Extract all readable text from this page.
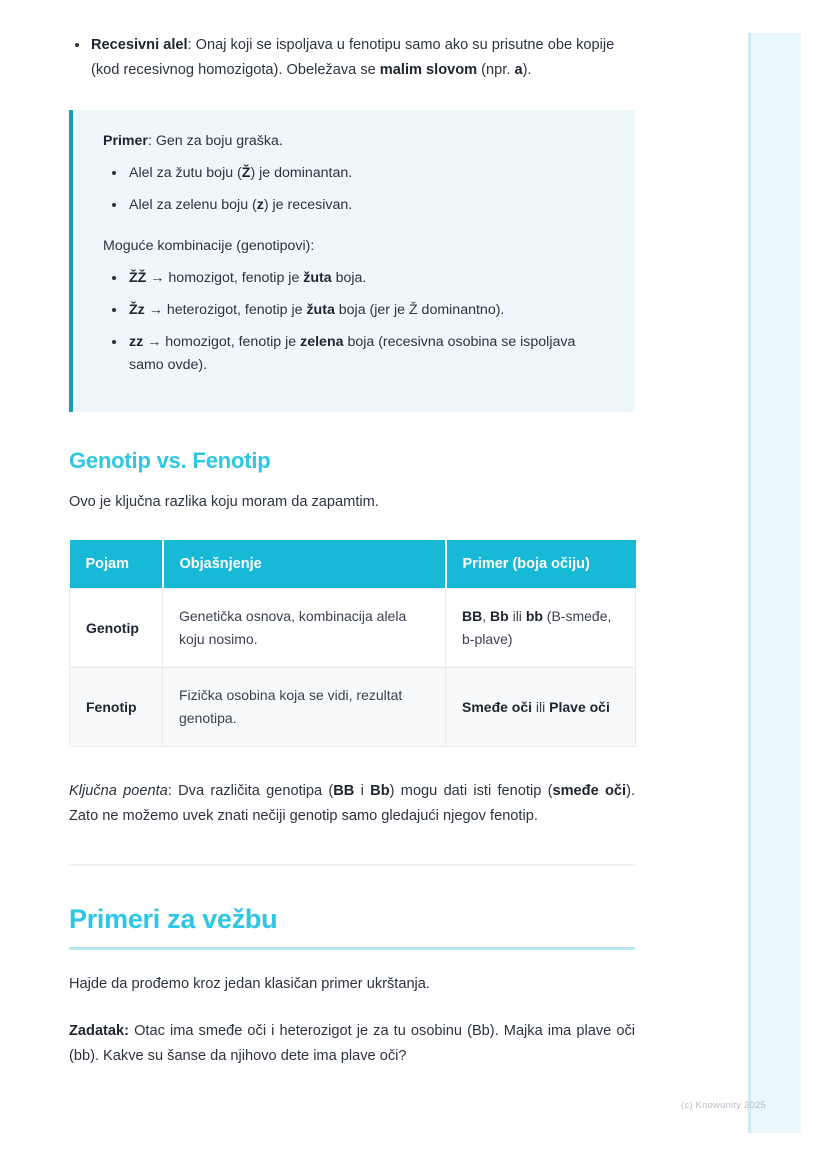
Recesivni alel: Onaj koji se ispoljava u fenotipu samo ako su prisutne obe kopije (kod recesivnog homozigota). Obeležava se malim slovom (npr. a).

Primer: Gen za boju graška.

Alel za žutu boju (Ž) je dominantan.
Alel za zelenu boju (z) je recesivan.

Moguće kombinacije (genotipovi):

ŽŽ → homozigot, fenotip je žuta boja.
Žz → heterozigot, fenotip je žuta boja (jer je Ž dominantno).
zz → homozigot, fenotip je zelena boja (recesivna osobina se ispoljava samo ovde).
Genotip vs. Fenotip

Ovo je ključna razlika koju moram da zapamtim.

Pojam	Objašnjenje	Primer (boja očiju)
Genotip	Genetička osnova, kombinacija alela koju nosimo.	BB, Bb ili bb (B-smeđe, b-plave)
Fenotip	Fizička osobina koja se vidi, rezultat genotipa.	Smeđe oči ili Plave oči

Ključna poenta: Dva različita genotipa (BB i Bb) mogu dati isti fenotip (smeđe oči). Zato ne možemo uvek znati nečiji genotip samo gledajući njegov fenotip.

Primeri za vežbu

Hajde da prođemo kroz jedan klasičan primer ukrštanja.

Zadatak: Otac ima smeđe oči i heterozigot je za tu osobinu (Bb). Majka ima plave oči (bb). Kakve su šanse da njihovo dete ima plave oči?

(c) Knowunity 2025
